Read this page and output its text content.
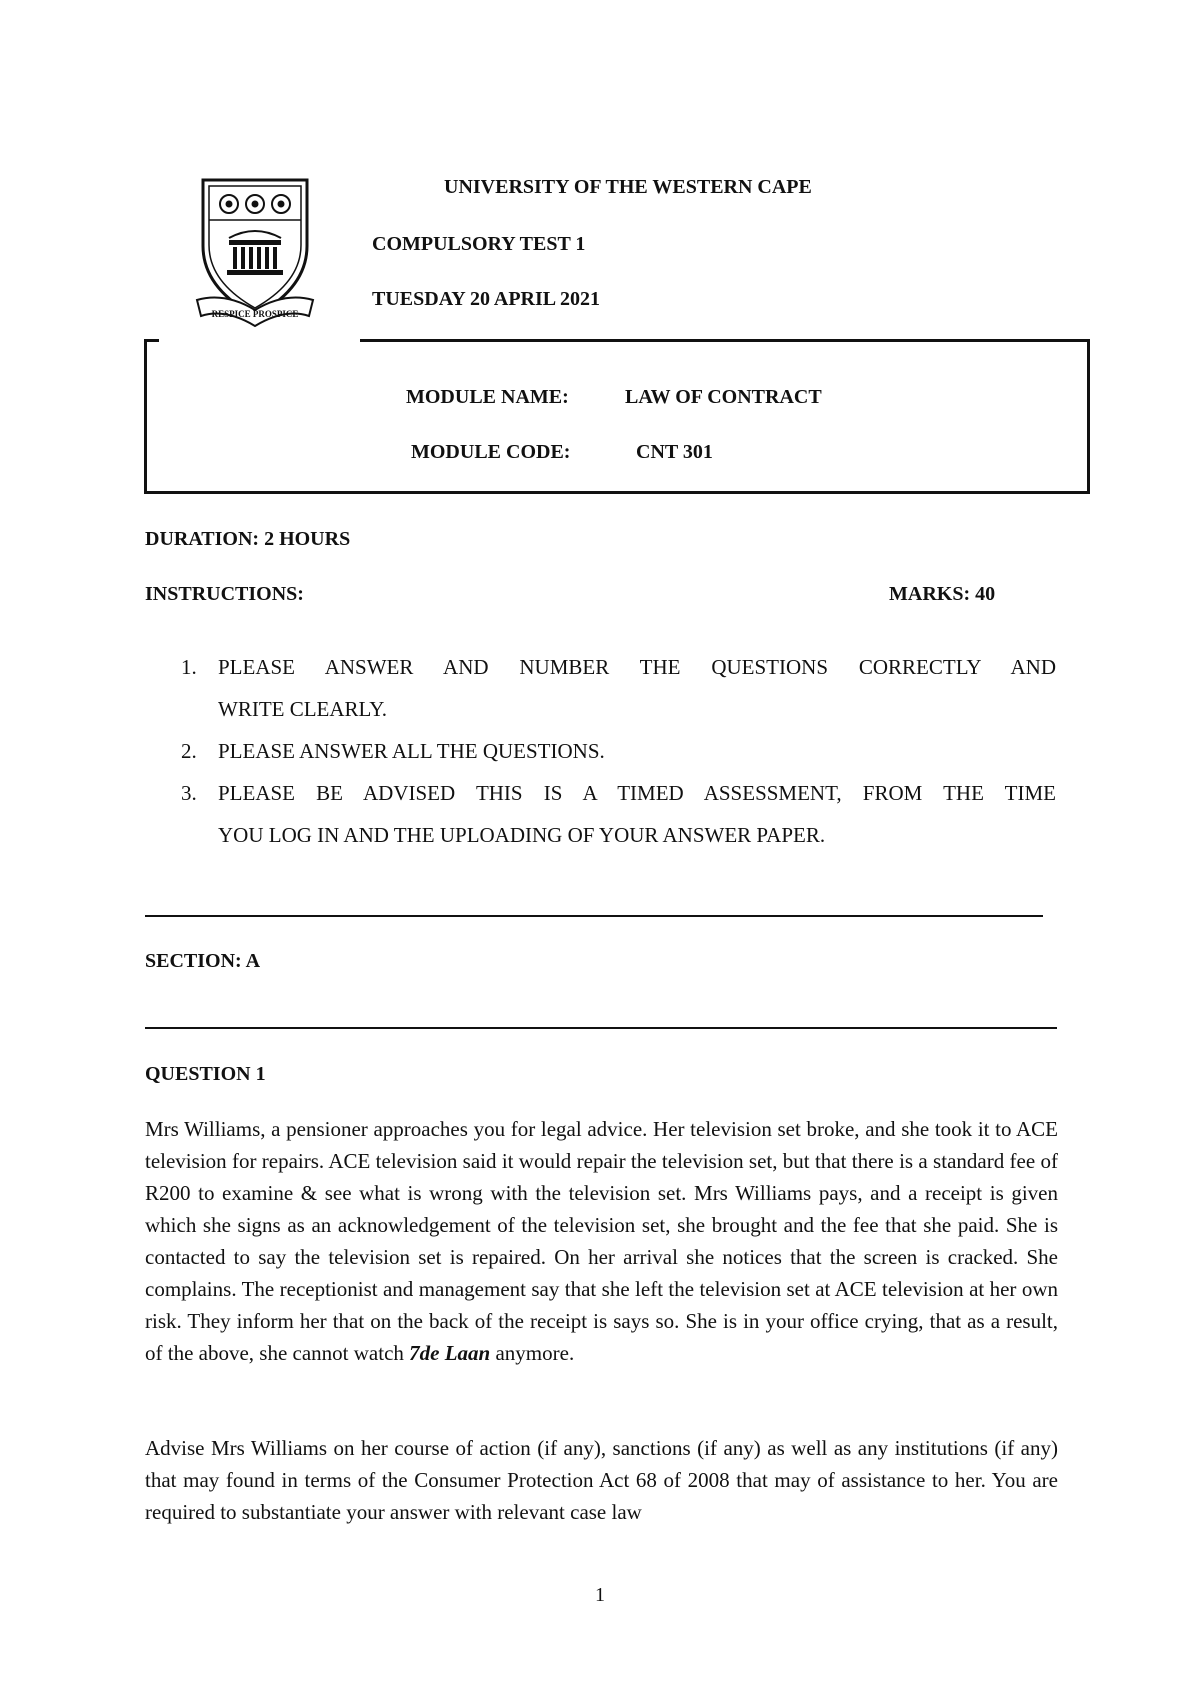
RESPICE PROSPICE
UNIVERSITY OF THE WESTERN CAPE
COMPULSORY TEST 1
TUESDAY 20 APRIL 2021
MODULE NAME:	LAW OF CONTRACT
MODULE CODE:	CNT 301
DURATION: 2 HOURS
INSTRUCTIONS:	MARKS: 40
1. PLEASE ANSWER AND NUMBER THE QUESTIONS CORRECTLY AND
WRITE CLEARLY.
2. PLEASE ANSWER ALL THE QUESTIONS.
3. PLEASE BE ADVISED THIS IS A TIMED ASSESSMENT, FROM THE TIME
YOU LOG IN AND THE UPLOADING OF YOUR ANSWER PAPER.
SECTION: A
QUESTION 1
Mrs Williams, a pensioner approaches you for legal advice. Her television set broke, and she took it to ACE television for repairs. ACE television said it would repair the television set, but that there is a standard fee of R200 to examine & see what is wrong with the television set. Mrs Williams pays, and a receipt is given which she signs as an acknowledgement of the television set, she brought and the fee that she paid. She is contacted to say the television set is repaired. On her arrival she notices that the screen is cracked. She complains. The receptionist and management say that she left the television set at ACE television at her own risk. They inform her that on the back of the receipt is says so. She is in your office crying, that as a result, of the above, she cannot watch 7de Laan anymore.
Advise Mrs Williams on her course of action (if any), sanctions (if any) as well as any institutions (if any) that may found in terms of the Consumer Protection Act 68 of 2008 that may of assistance to her. You are required to substantiate your answer with relevant case law
1
